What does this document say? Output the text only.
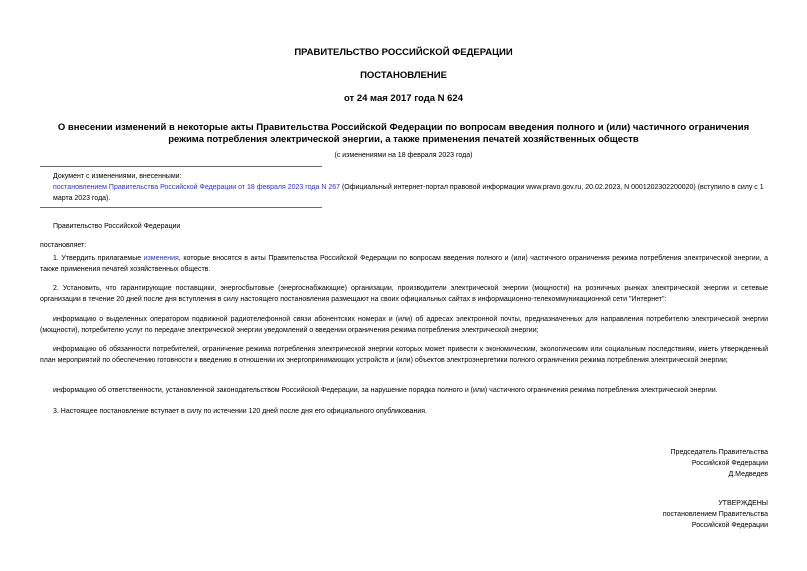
ПРАВИТЕЛЬСТВО РОССИЙСКОЙ ФЕДЕРАЦИИ
ПОСТАНОВЛЕНИЕ
от 24 мая 2017 года N 624
О внесении изменений в некоторые акты Правительства Российской Федерации по вопросам введения полного и (или) частичного ограничения режима потребления электрической энергии, а также применения печатей хозяйственных обществ
(с изменениями на 18 февраля 2023 года)
Документ с изменениями, внесенными:
постановлением Правительства Российской Федерации от 18 февраля 2023 года N 267 (Официальный интернет-портал правовой информации www.pravo.gov.ru, 20.02.2023, N 0001202302200020) (вступило в силу с 1 марта 2023 года).
Правительство Российской Федерации
постановляет:
1. Утвердить прилагаемые изменения, которые вносятся в акты Правительства Российской Федерации по вопросам введения полного и (или) частичного ограничения режима потребления электрической энергии, а также применения печатей хозяйственных обществ.
2. Установить, что гарантирующие поставщики, энергосбытовые (энергоснабжающие) организации, производители электрической энергии (мощности) на розничных рынках электрической энергии и сетевые организации в течение 20 дней после дня вступления в силу настоящего постановления размещают на своих официальных сайтах в информационно-телекоммуникационной сети "Интернет":
информацию о выделенных оператором подвижной радиотелефонной связи абонентских номерах и (или) об адресах электронной почты, предназначенных для направления потребителю электрической энергии (мощности), потребителю услуг по передаче электрической энергии уведомлений о введении ограничения режима потребления электрической энергии;
информацию об обязанности потребителей, ограничение режима потребления электрической энергии которых может привести к экономическим, экологическим или социальным последствиям, иметь утвержденный план мероприятий по обеспечению готовности к введению в отношении их энергопринимающих устройств и (или) объектов электроэнергетики полного ограничения режима потребления электрической энергии;
информацию об ответственности, установленной законодательством Российской Федерации, за нарушение порядка полного и (или) частичного ограничения режима потребления электрической энергии.
3. Настоящее постановление вступает в силу по истечении 120 дней после дня его официального опубликования.
Председатель Правительства
Российской Федерации
Д.Медведев
УТВЕРЖДЕНЫ
постановлением Правительства
Российской Федерации
